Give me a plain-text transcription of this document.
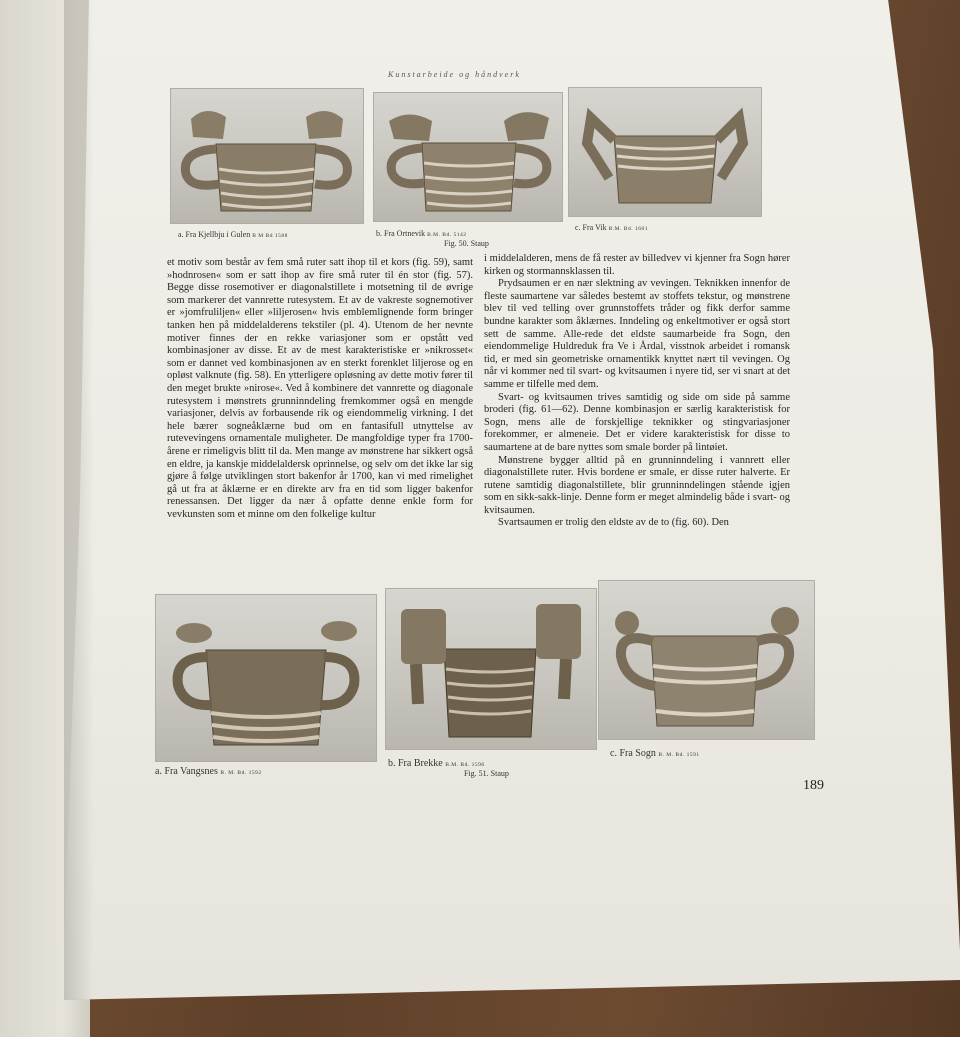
Kunstarbeide og håndverk
a. Fra Kjellbju i Gulen B M Bd 1588	b. Fra Ortnevik B.M. Bd. 5142
c. Fra Vik B.M. Bd. 1601
Fig. 50. Staup

et motiv som består av fem små ruter satt ihop til et kors (fig. 59), samt »hodnrosen« som er satt ihop av fire små ruter til én stor (fig. 57). Begge disse rosemotiver er diagonalstillete i motsetning til de øvrige som markerer det vannrette rutesystem. Et av de vakreste sognemotiver er »jomfruliljen« eller »liljerosen« hvis emblemlignende form bringer tanken hen på middelalderens tekstiler (pl. 4). Utenom de her nevnte motiver finnes der en rekke variasjoner som er opstått ved kombinasjoner av disse. Et av de mest karakteristiske er »nikrosset« som er dannet ved kombinasjonen av en sterkt forenklet liljerose og en opløst valknute (fig. 58). En ytterligere opløsning av dette motiv fører til den meget brukte »nirose«. Ved å kombinere det vannrette og diagonale rutesystem i mønstrets grunninndeling fremkommer også en mengde variasjoner, delvis av forbausende rik og eiendommelig virkning. I det hele bærer sogneåklærne bud om en fantasifull utnyttelse av rutevevingens ornamentale muligheter. De mangfoldige typer fra 1700-årene er rimeligvis blitt til da. Men mange av mønstrene har sikkert også en eldre, ja kanskje middelaldersk oprinnelse, og selv om det ikke lar sig gjøre å følge utviklingen stort bakenfor år 1700, kan vi med rimelighet gå ut fra at åklærne er en direkte arv fra en tid som ligger bakenfor renessansen. Det ligger da nær å opfatte denne enkle form for vevkunsten som et minne om den folkelige kultur

i middelalderen, mens de få rester av billedvev vi kjenner fra Sogn hører kirken og stormannsklassen til.

Prydsaumen er en nær slektning av vevingen. Teknikken innenfor de fleste saumartene var således bestemt av stoffets tekstur, og mønstrene blev til ved telling over grunnstoffets tråder og fikk derfor samme bundne karakter som åklærnes. Inndeling og enkeltmotiver er også stort sett de samme. Alle-rede det eldste saumarbeide fra Sogn, den eiendommelige Huldreduk fra Ve i Årdal, visstnok arbeidet i romansk tid, er med sin geometriske ornamentikk knyttet nært til vevingen. Og når vi kommer ned til svart- og kvitsaumen i nyere tid, ser vi snart at det samme er tilfelle med dem.

Svart- og kvitsaumen trives samtidig og side om side på samme broderi (fig. 61—62). Denne kombinasjon er særlig karakteristisk for Sogn, mens alle de forskjellige teknikker og stingvariasjoner forekommer, er almeneie. Det er videre karakteristisk for disse to saumartene at de bare nyttes som smale border på lintøiet.

Mønstrene bygger alltid på en grunninndeling i vannrett eller diagonalstillete ruter. Hvis bordene er smale, er disse ruter halverte. Er rutene samtidig diagonalstillete, blir grunninndelingen stående igjen som en sikk-sakk-linje. Denne form er meget almindelig både i svart- og kvitsaumen.

Svartsaumen er trolig den eldste av de to (fig. 60). Den

a. Fra Vangsnes B. M. Bd. 1592
b. Fra Brekke B.M. Bd. 1596
c. Fra Sogn B. M. Bd. 1591
Fig. 51. Staup
189
